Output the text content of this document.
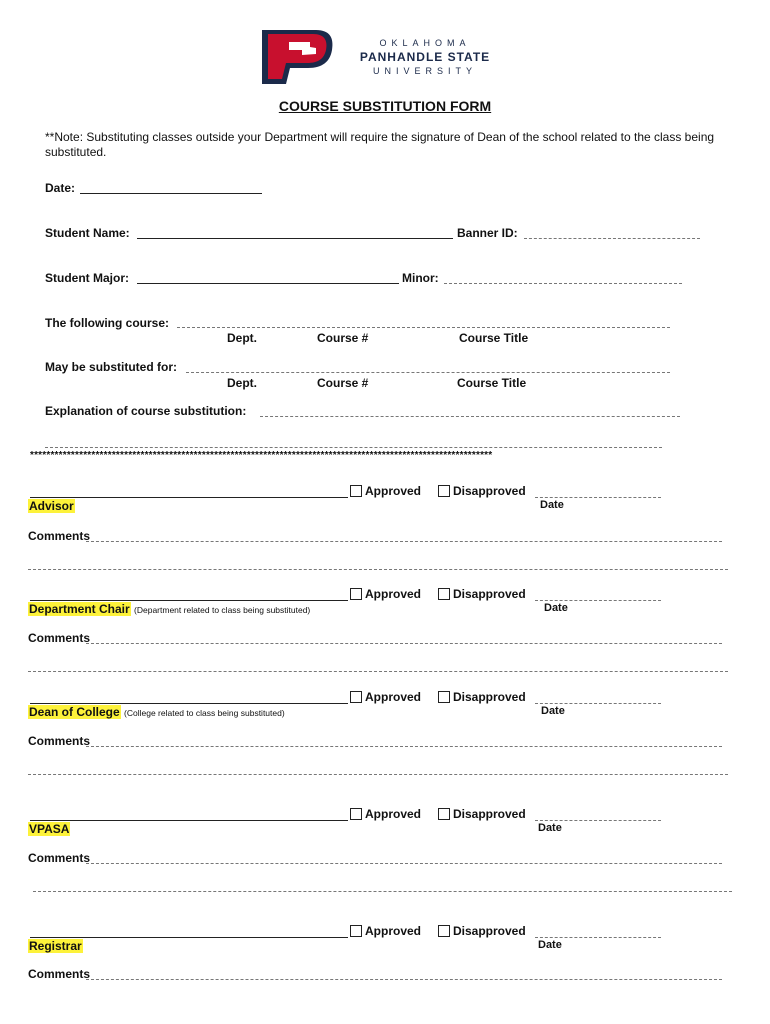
OKLAHOMA
PANHANDLE STATE
UNIVERSITY
COURSE SUBSTITUTION FORM
**Note: Substituting classes outside your Department will require the signature of Dean of the school related to the class being substituted.
Date:
Student Name:	Banner ID:
Student Major:	Minor:
The following course:
Dept.	Course #	Course Title
May be substituted for:
Dept.	Course #	Course Title
Explanation of course substitution:
*****************************************************************************************************************
Approved	Disapproved
Advisor	Date
Comments
Approved	Disapproved
Department Chair (Department related to class being substituted)	Date
Comments
Approved	Disapproved
Dean of College (College related to class being substituted)	Date
Comments
Approved	Disapproved
VPASA	Date
Comments
Approved	Disapproved
Registrar	Date
Comments
